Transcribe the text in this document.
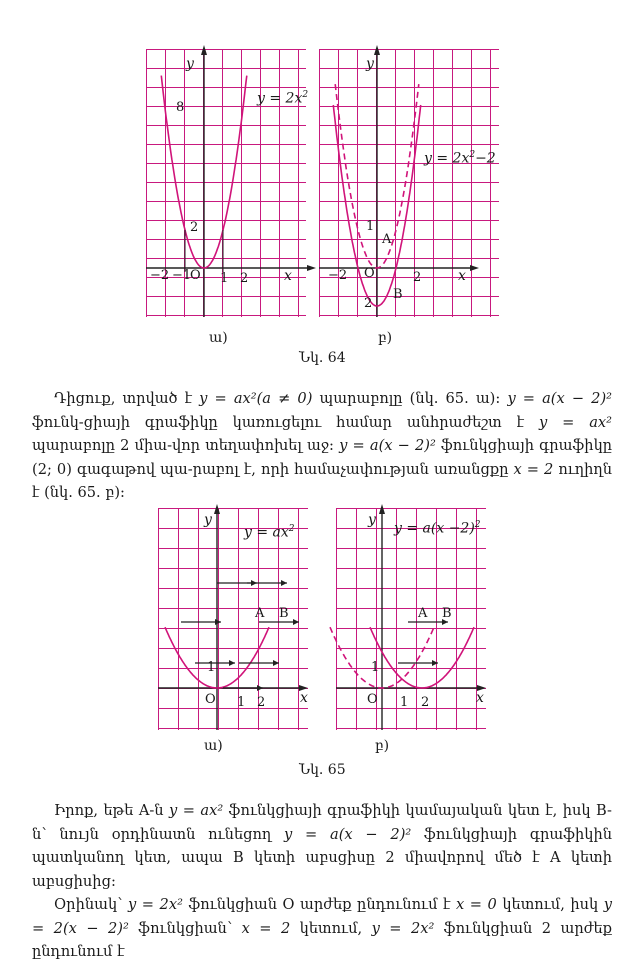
$y = 2x^2$
y
x
−2 −1
O 1 2
8
2
ա)
$y = 2x^2-2$
y
x
−2 O	2
1
2
A
B
բ)
Նկ. 64

Դիցուք, տրված է y = ax²(a ≠ 0) պարաբոլը (նկ. 65. ա)։ y = a(x − 2)² ֆունկ-ցիայի գրաֆիկը կառուցելու համար անհրաժեշտ է y = ax² պարաբոլը 2 միա-վոր տեղափոխել աջ։ y = a(x − 2)² ֆունկցիայի գրաֆիկը (2; 0) գագաթով պա-րաբոլ է, որի համաչափության առանցքը x = 2 ուղիղն է (նկ. 65. բ)։

$y = ax^2$
y
x
O 1 2
1
A B
ա)
$y = a(x -2)^2$
y
x
O 1 2
1
A B
բ)
Նկ. 65

Իրոք, եթե A-ն y = ax² ֆունկցիայի գրաֆիկի կամայական կետ է, իսկ B-ն՝ նույն օրդինատն ունեցող y = a(x − 2)² ֆունկցիայի գրաֆիկին պատկանող կետ, ապա B կետի աբսցիսը 2 միավորով մեծ է A կետի աբսցիսից։

Օրինակ՝ y = 2x² ֆունկցիան O արժեք ընդունում է x = 0 կետում, իսկ y = 2(x − 2)² ֆունկցիան՝ x = 2 կետում, y = 2x² ֆունկցիան 2 արժեք ընդունում է
